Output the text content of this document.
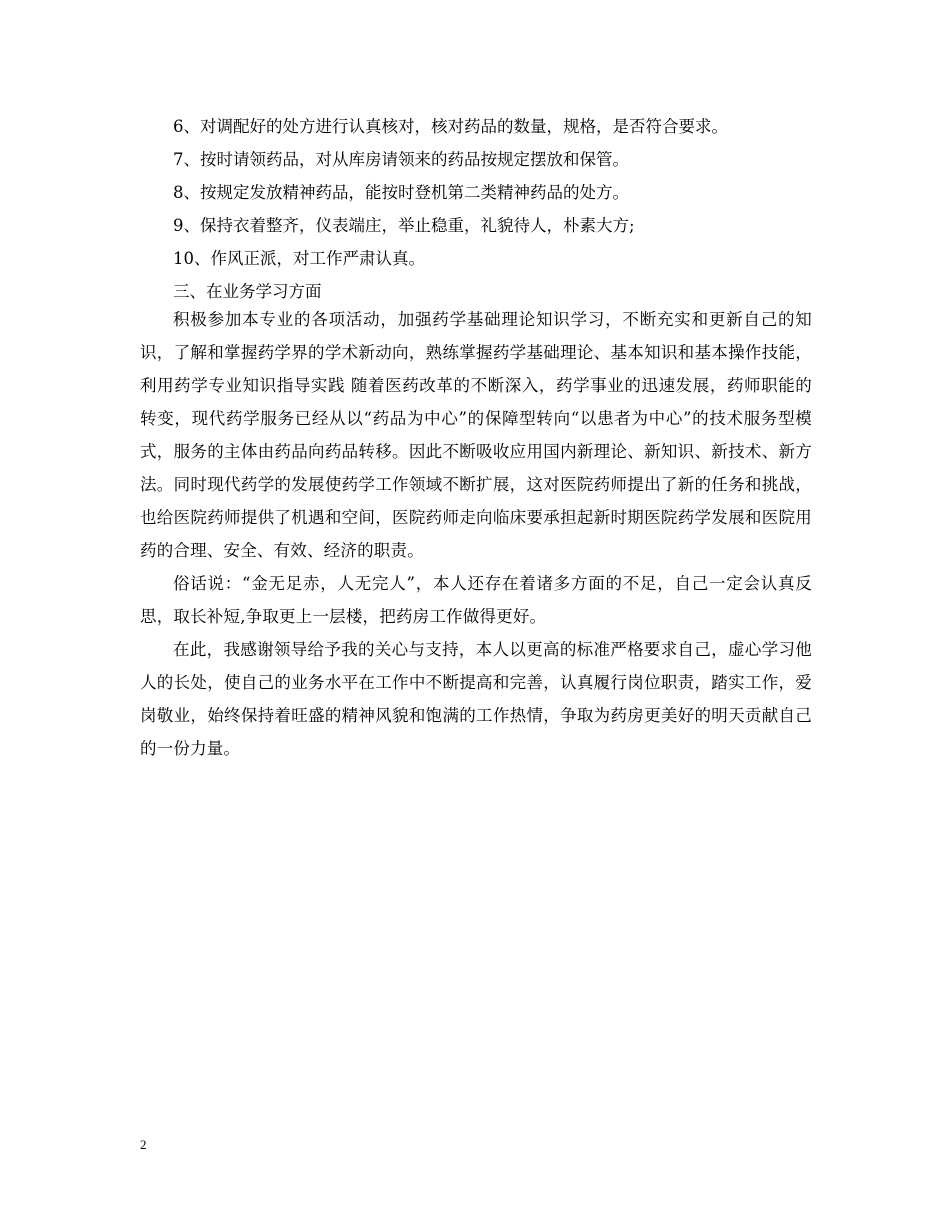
6、对调配好的处方进行认真核对，核对药品的数量，规格，是否符合要求。

7、按时请领药品，对从库房请领来的药品按规定摆放和保管。

8、按规定发放精神药品，能按时登机第二类精神药品的处方。

9、保持衣着整齐，仪表端庄，举止稳重，礼貌待人，朴素大方;

10、作风正派，对工作严肃认真。

三、在业务学习方面

积极参加本专业的各项活动，加强药学基础理论知识学习，不断充实和更新自己的知识，了解和掌握药学界的学术新动向，熟练掌握药学基础理论、基本知识和基本操作技能，利用药学专业知识指导实践 随着医药改革的不断深入，药学事业的迅速发展，药师职能的转变，现代药学服务已经从以“药品为中心”的保障型转向“以患者为中心”的技术服务型模式，服务的主体由药品向药品转移。因此不断吸收应用国内新理论、新知识、新技术、新方法。同时现代药学的发展使药学工作领域不断扩展，这对医院药师提出了新的任务和挑战，也给医院药师提供了机遇和空间，医院药师走向临床要承担起新时期医院药学发展和医院用药的合理、安全、有效、经济的职责。

俗话说：“金无足赤，人无完人”，本人还存在着诸多方面的不足，自己一定会认真反思，取长补短,争取更上一层楼，把药房工作做得更好。

在此，我感谢领导给予我的关心与支持，本人以更高的标准严格要求自己，虚心学习他人的长处，使自己的业务水平在工作中不断提高和完善，认真履行岗位职责，踏实工作，爱岗敬业，始终保持着旺盛的精神风貌和饱满的工作热情，争取为药房更美好的明天贡献自己的一份力量。

2
